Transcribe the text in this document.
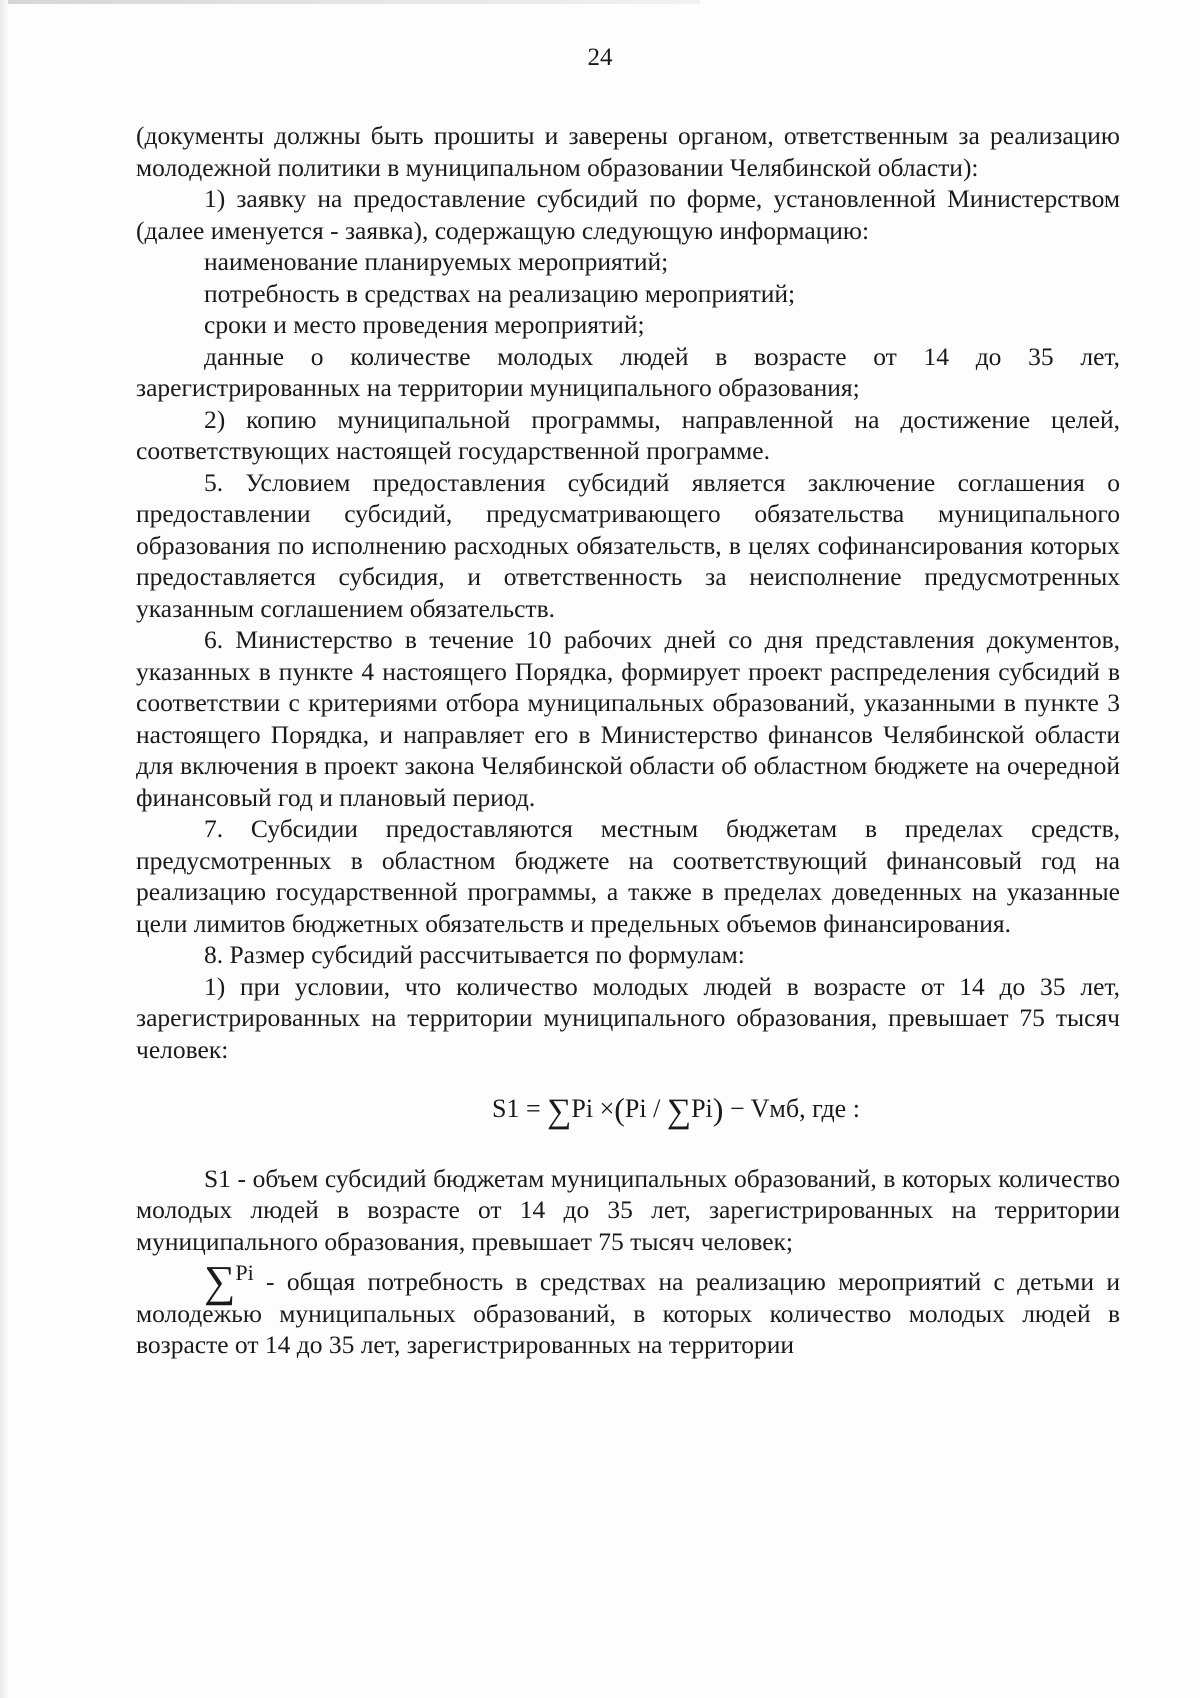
24

(документы должны быть прошиты и заверены органом, ответственным за реализацию молодежной политики в муниципальном образовании Челябинской области):

1) заявку на предоставление субсидий по форме, установленной Министерством (далее именуется - заявка), содержащую следующую информацию:

наименование планируемых мероприятий;

потребность в средствах на реализацию мероприятий;

сроки и место проведения мероприятий;

данные о количестве молодых людей в возрасте от 14 до 35 лет, зарегистрированных на территории муниципального образования;

2) копию муниципальной программы, направленной на достижение целей, соответствующих настоящей государственной программе.

5. Условием предоставления субсидий является заключение соглашения о предоставлении субсидий, предусматривающего обязательства муниципального образования по исполнению расходных обязательств, в целях софинансирования которых предоставляется субсидия, и ответственность за неисполнение предусмотренных указанным соглашением обязательств.

6. Министерство в течение 10 рабочих дней со дня представления документов, указанных в пункте 4 настоящего Порядка, формирует проект распределения субсидий в соответствии с критериями отбора муниципальных образований, указанными в пункте 3 настоящего Порядка, и направляет его в Министерство финансов Челябинской области для включения в проект закона Челябинской области об областном бюджете на очередной финансовый год и плановый период.

7. Субсидии предоставляются местным бюджетам в пределах средств, предусмотренных в областном бюджете на соответствующий финансовый год на реализацию государственной программы, а также в пределах доведенных на указанные цели лимитов бюджетных обязательств и предельных объемов финансирования.

8. Размер субсидий рассчитывается по формулам:

1) при условии, что количество молодых людей в возрасте от 14 до 35 лет, зарегистрированных на территории муниципального образования, превышает 75 тысяч человек:

S1 = ∑Pi ×(Pi / ∑Pi) − Vмб, где :

S1 - объем субсидий бюджетам муниципальных образований, в которых количество молодых людей в возрасте от 14 до 35 лет, зарегистрированных на территории муниципального образования, превышает 75 тысяч человек;

∑Pi - общая потребность в средствах на реализацию мероприятий с детьми и молодежью муниципальных образований, в которых количество молодых людей в возрасте от 14 до 35 лет, зарегистрированных на территории
